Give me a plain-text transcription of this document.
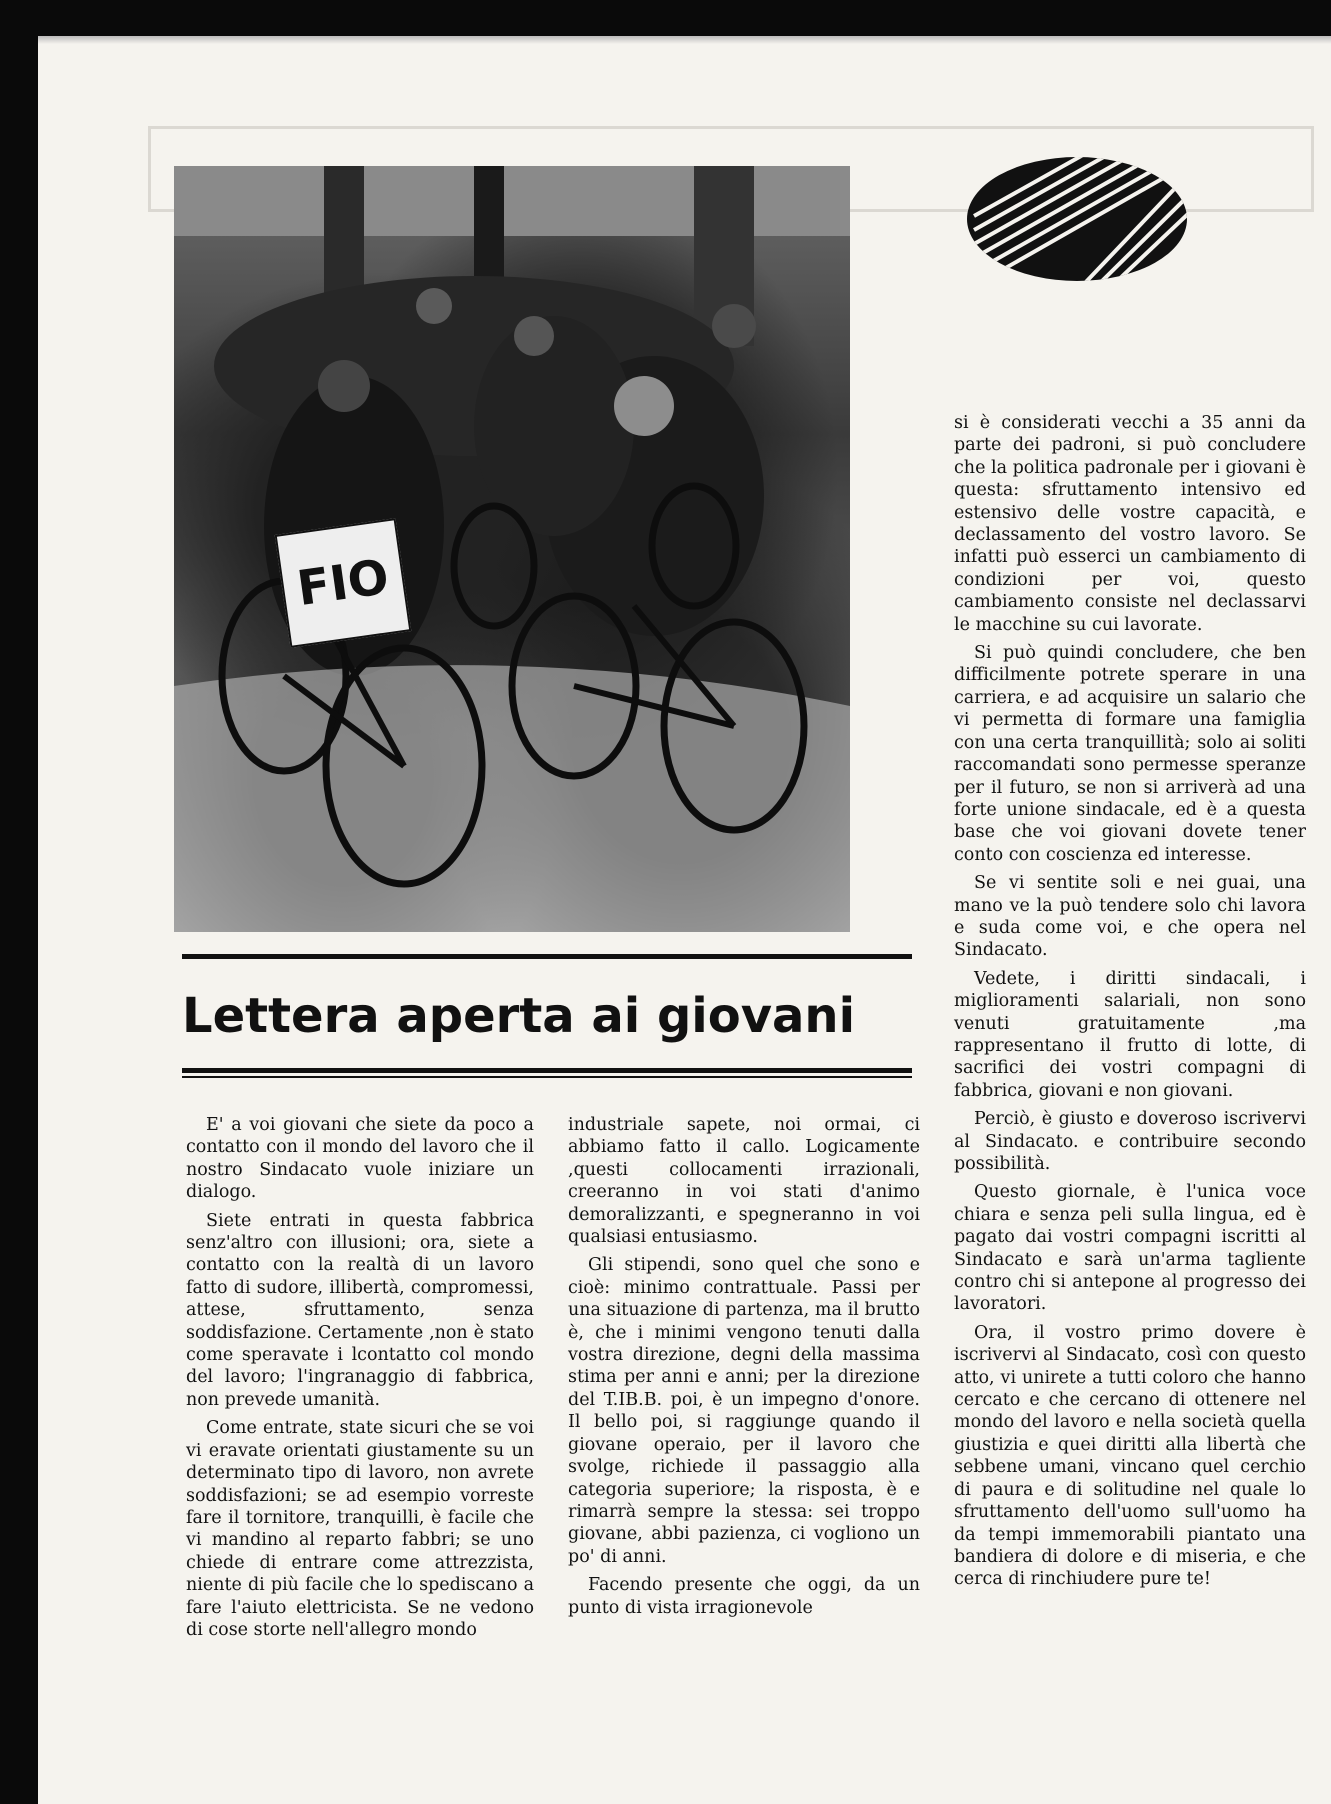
FIO
Lettera aperta ai giovani

E' a voi giovani che siete da poco a contatto con il mondo del lavoro che il nostro Sindacato vuole iniziare un dialogo.

Siete entrati in questa fabbrica senz'altro con illusioni; ora, siete a contatto con la realtà di un lavoro fatto di sudore, illibertà, compromessi, attese, sfruttamento, senza soddisfazione. Certamente ,non è stato come speravate i lcontatto col mondo del lavoro; l'ingranaggio di fabbrica, non prevede umanità.

Come entrate, state sicuri che se voi vi eravate orientati giustamente su un determinato tipo di lavoro, non avrete soddisfazioni; se ad esempio vorreste fare il tornitore, tranquilli, è facile che vi mandino al reparto fabbri; se uno chiede di entrare come attrezzista, niente di più facile che lo spediscano a fare l'aiuto elettricista. Se ne vedono di cose storte nell'allegro mondo

industriale sapete, noi ormai, ci abbiamo fatto il callo. Logicamente ,questi collocamenti irrazionali, creeranno in voi stati d'animo demoralizzanti, e spegneranno in voi qualsiasi entusiasmo.

Gli stipendi, sono quel che sono e cioè: minimo contrattuale. Passi per una situazione di partenza, ma il brutto è, che i minimi vengono tenuti dalla vostra direzione, degni della massima stima per anni e anni; per la direzione del T.IB.B. poi, è un impegno d'onore. Il bello poi, si raggiunge quando il giovane operaio, per il lavoro che svolge, richiede il passaggio alla categoria superiore; la risposta, è e rimarrà sempre la stessa: sei troppo giovane, abbi pazienza, ci vogliono un po' di anni.

Facendo presente che oggi, da un punto di vista irragionevole

si è considerati vecchi a 35 anni da parte dei padroni, si può concludere che la politica padronale per i giovani è questa: sfruttamento intensivo ed estensivo delle vostre capacità, e declassamento del vostro lavoro. Se infatti può esserci un cambiamento di condizioni per voi, questo cambiamento consiste nel declassarvi le macchine su cui lavorate.

Si può quindi concludere, che ben difficilmente potrete sperare in una carriera, e ad acquisire un salario che vi permetta di formare una famiglia con una certa tranquillità; solo ai soliti raccomandati sono permesse speranze per il futuro, se non si arriverà ad una forte unione sindacale, ed è a questa base che voi giovani dovete tener conto con coscienza ed interesse.

Se vi sentite soli e nei guai, una mano ve la può tendere solo chi lavora e suda come voi, e che opera nel Sindacato.

Vedete, i diritti sindacali, i miglioramenti salariali, non sono venuti gratuitamente ,ma rappresentano il frutto di lotte, di sacrifici dei vostri compagni di fabbrica, giovani e non giovani.

Perciò, è giusto e doveroso iscrivervi al Sindacato. e contribuire secondo possibilità.

Questo giornale, è l'unica voce chiara e senza peli sulla lingua, ed è pagato dai vostri compagni iscritti al Sindacato e sarà un'arma tagliente contro chi si antepone al progresso dei lavoratori.

Ora, il vostro primo dovere è iscrivervi al Sindacato, così con questo atto, vi unirete a tutti coloro che hanno cercato e che cercano di ottenere nel mondo del lavoro e nella società quella giustizia e quei diritti alla libertà che sebbene umani, vincano quel cerchio di paura e di solitudine nel quale lo sfruttamento dell'uomo sull'uomo ha da tempi immemorabili piantato una bandiera di dolore e di miseria, e che cerca di rinchiudere pure te!
